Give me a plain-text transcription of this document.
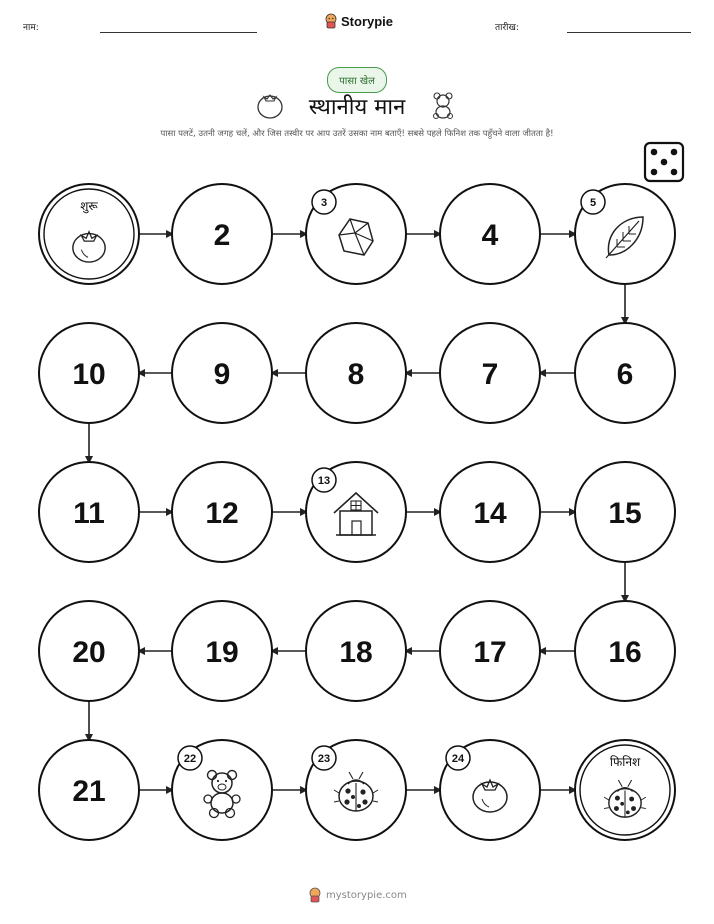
नाम:	Storypie	तारीख:
पासा खेल
स्थानीय मान
पासा पलटें, उतनी जगह चलें, और जिस तस्वीर पर आप उतरें उसका नाम बताएँ! सबसे पहले फिनिश तक पहुँचने वाला जीतता है!
शुरू
2
3
4
5
6
7
8
9
10
11	12
13
14	15
16
17
18
19
20
21
22	23	24	फिनिश
mystorypie.com
